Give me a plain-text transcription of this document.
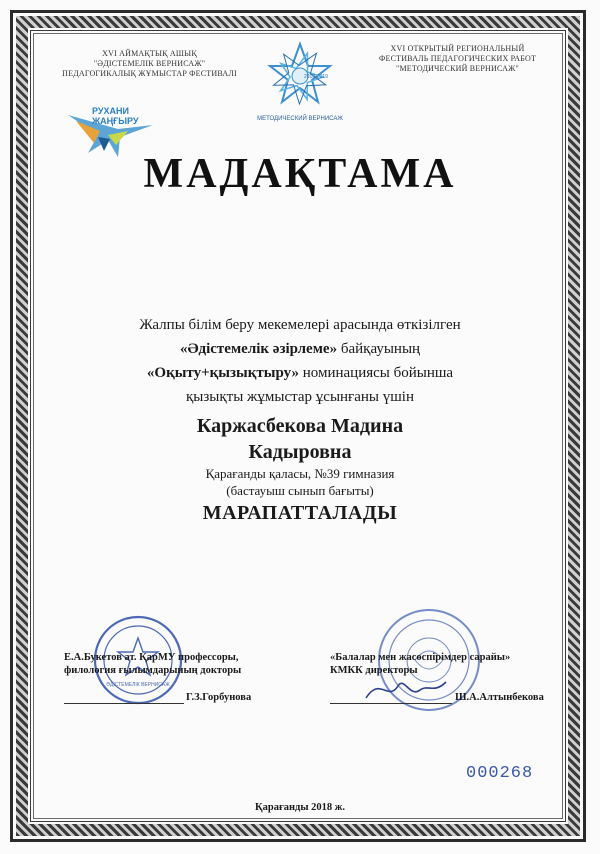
XVI АЙМАҚТЫҚ АШЫҚ
"ӘДІСТЕМЕЛІК ВЕРНИСАЖ"
ПЕДАГОГИКАЛЫҚ ЖҰМЫСТАР ФЕСТИВАЛІ	2018-2019
МЕТОДИЧЕСКИЙ ВЕРНИСАЖ
XVI ОТКРЫТЫЙ РЕГИОНАЛЬНЫЙ
ФЕСТИВАЛЬ ПЕДАГОГИЧЕСКИХ РАБОТ
"МЕТОДИЧЕСКИЙ ВЕРНИСАЖ"
РУХАНИ
ЖАҢҒЫРУ
МАДАҚТАМА
Жалпы білім беру мекемелері арасында өткізілген
«Әдістемелік әзірлеме» байқауының
«Оқыту+қызықтыру» номинациясы бойынша
қызықты жұмыстар ұсынғаны үшін
Каржасбекова Мадина
Кадыровна
Қарағанды қаласы, №39 гимназия
(бастауыш сынып бағыты)
МАРАПАТТАЛАДЫ
ӘДІСТЕМЕЛІК ВЕРНИСАЖ
Е.А.Букетов ат. ҚарМУ профессоры,
филология ғылымдарының докторы
Г.З.Горбунова
«Балалар мен жасөспірімдер сарайы»
КМКК директоры
Ш.А.Алтынбекова
000268
Қарағанды 2018 ж.
